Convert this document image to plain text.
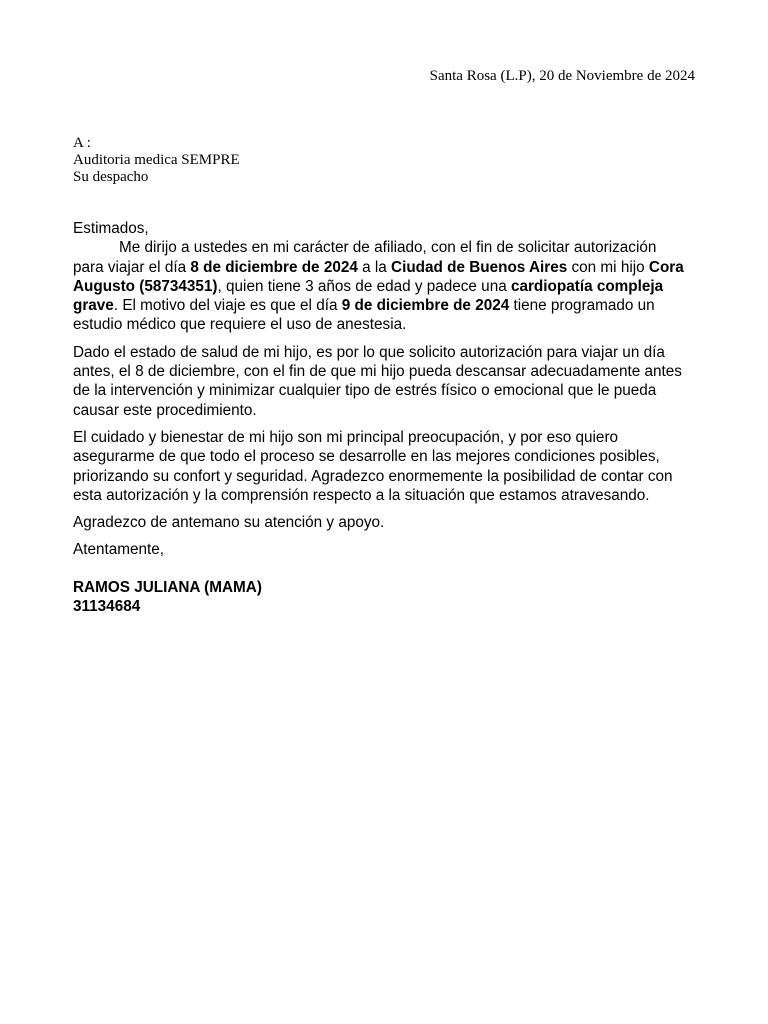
Santa Rosa (L.P), 20 de Noviembre de 2024
A :
Auditoria medica SEMPRE
Su despacho
Estimados,
Me dirijo a ustedes en mi carácter de afiliado, con el fin de solicitar autorización
para viajar el día 8 de diciembre de 2024 a la Ciudad de Buenos Aires con mi hijo Cora
Augusto (58734351), quien tiene 3 años de edad y padece una cardiopatía compleja
grave. El motivo del viaje es que el día 9 de diciembre de 2024 tiene programado un
estudio médico que requiere el uso de anestesia.
Dado el estado de salud de mi hijo, es por lo que solicito autorización para viajar un día
antes, el 8 de diciembre, con el fin de que mi hijo pueda descansar adecuadamente antes
de la intervención y minimizar cualquier tipo de estrés físico o emocional que le pueda
causar este procedimiento.
El cuidado y bienestar de mi hijo son mi principal preocupación, y por eso quiero
asegurarme de que todo el proceso se desarrolle en las mejores condiciones posibles,
priorizando su confort y seguridad. Agradezco enormemente la posibilidad de contar con
esta autorización y la comprensión respecto a la situación que estamos atravesando.
Agradezco de antemano su atención y apoyo.
Atentamente,
RAMOS JULIANA (MAMA)
31134684
